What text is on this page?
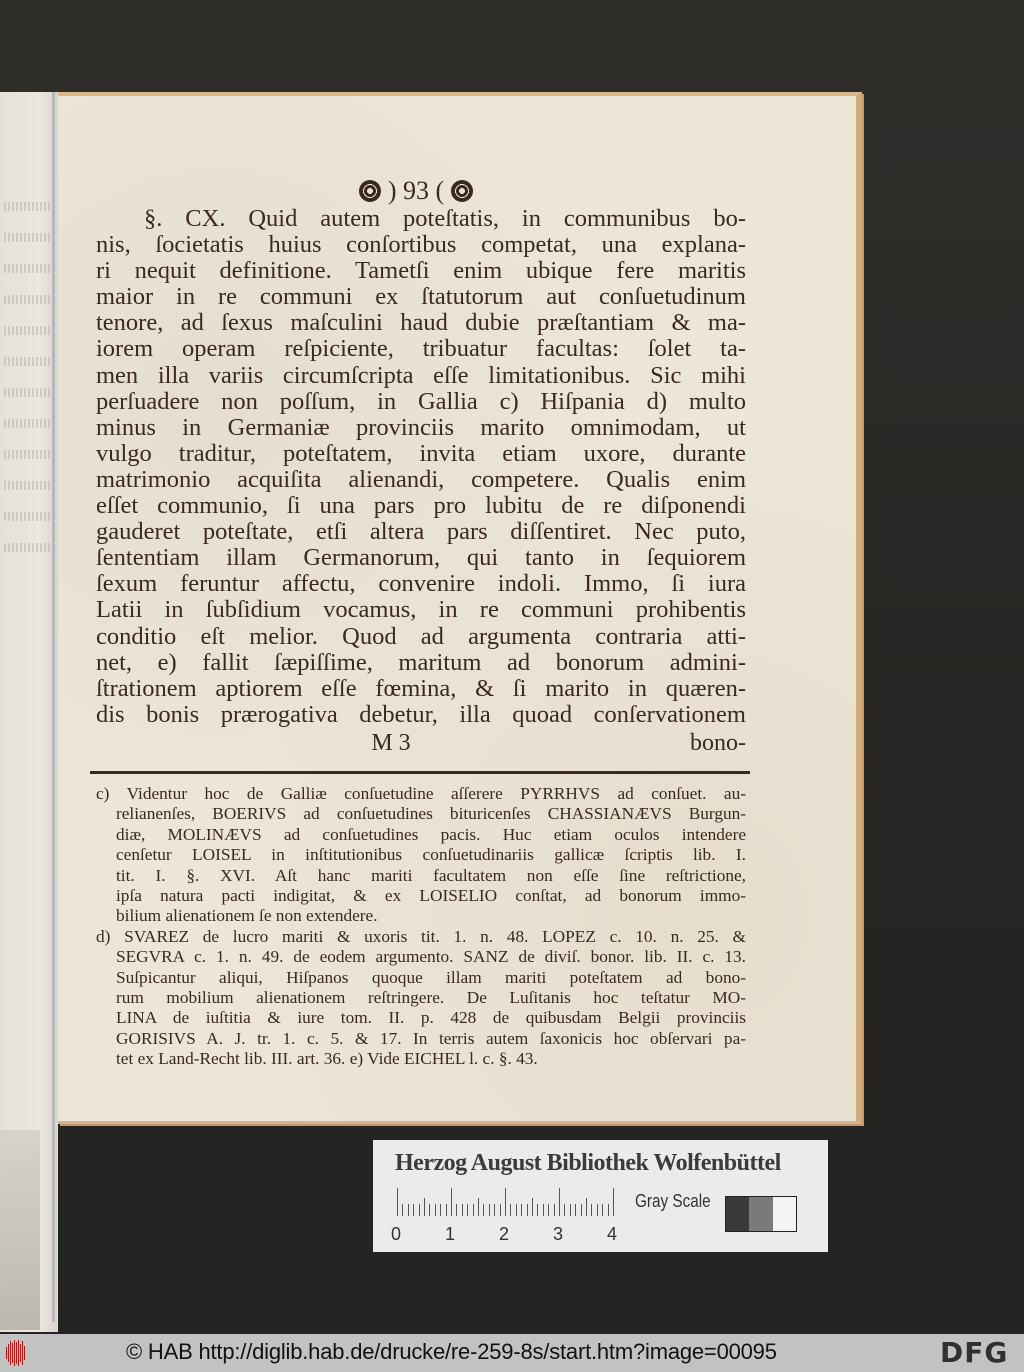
) 93 (
§. CX. Quid autem poteſtatis, in communibus bo-
nis, ſocietatis huius conſortibus competat, una explana-
ri nequit definitione. Tametſi enim ubique fere maritis
maior in re communi ex ſtatutorum aut conſuetudinum
tenore, ad ſexus maſculini haud dubie præſtantiam & ma-
iorem operam reſpiciente, tribuatur facultas: ſolet ta-
men illa variis circumſcripta eſſe limitationibus. Sic mihi
perſuadere non poſſum, in Gallia c) Hiſpania d) multo
minus in Germaniæ provinciis marito omnimodam, ut
vulgo traditur, poteſtatem, invita etiam uxore, durante
matrimonio acquiſita alienandi, competere. Qualis enim
eſſet communio, ſi una pars pro lubitu de re diſponendi
gauderet poteſtate, etſi altera pars diſſentiret. Nec puto,
ſententiam illam Germanorum, qui tanto in ſequiorem
ſexum feruntur affectu, convenire indoli. Immo, ſi iura
Latii in ſubſidium vocamus, in re communi prohibentis
conditio eſt melior. Quod ad argumenta contraria atti-
net, e) fallit ſæpiſſime, maritum ad bonorum admini-
ſtrationem aptiorem eſſe fœmina, & ſi marito in quæren-
dis bonis prærogativa debetur, illa quoad conſervationem
M 3	bono-
c) Videntur hoc de Galliæ conſuetudine aſſerere PYRRHVS ad conſuet. au-
relianenſes, BOERIVS ad conſuetudines bituricenſes CHASSIANÆVS Burgun-
diæ, MOLINÆVS ad conſuetudines pacis. Huc etiam oculos intendere
cenſetur LOISEL in inſtitutionibus conſuetudinariis gallicæ ſcriptis lib. I.
tit. I. §. XVI. Aſt hanc mariti facultatem non eſſe ſine reſtrictione,
ipſa natura pacti indigitat, & ex LOISELIO conſtat, ad bonorum immo-
bilium alienationem ſe non extendere.
d) SVAREZ de lucro mariti & uxoris tit. 1. n. 48. LOPEZ c. 10. n. 25. &
SEGVRA c. 1. n. 49. de eodem argumento. SANZ de diviſ. bonor. lib. II. c. 13.
Suſpicantur aliqui, Hiſpanos quoque illam mariti poteſtatem ad bono-
rum mobilium alienationem reſtringere. De Luſitanis hoc teſtatur MO-
LINA de iuſtitia & iure tom. II. p. 428 de quibusdam Belgii provinciis
GORISIVS A. J. tr. 1. c. 5. & 17. In terris autem ſaxonicis hoc obſervari pa-
tet ex Land-Recht lib. III. art. 36. e) Vide EICHEL l. c. §. 43.
Herzog August Bibliothek Wolfenbüttel
0 1 2 3 4
Gray Scale
© HAB http://diglib.hab.de/drucke/re-259-8s/start.htm?image=00095	DFG
